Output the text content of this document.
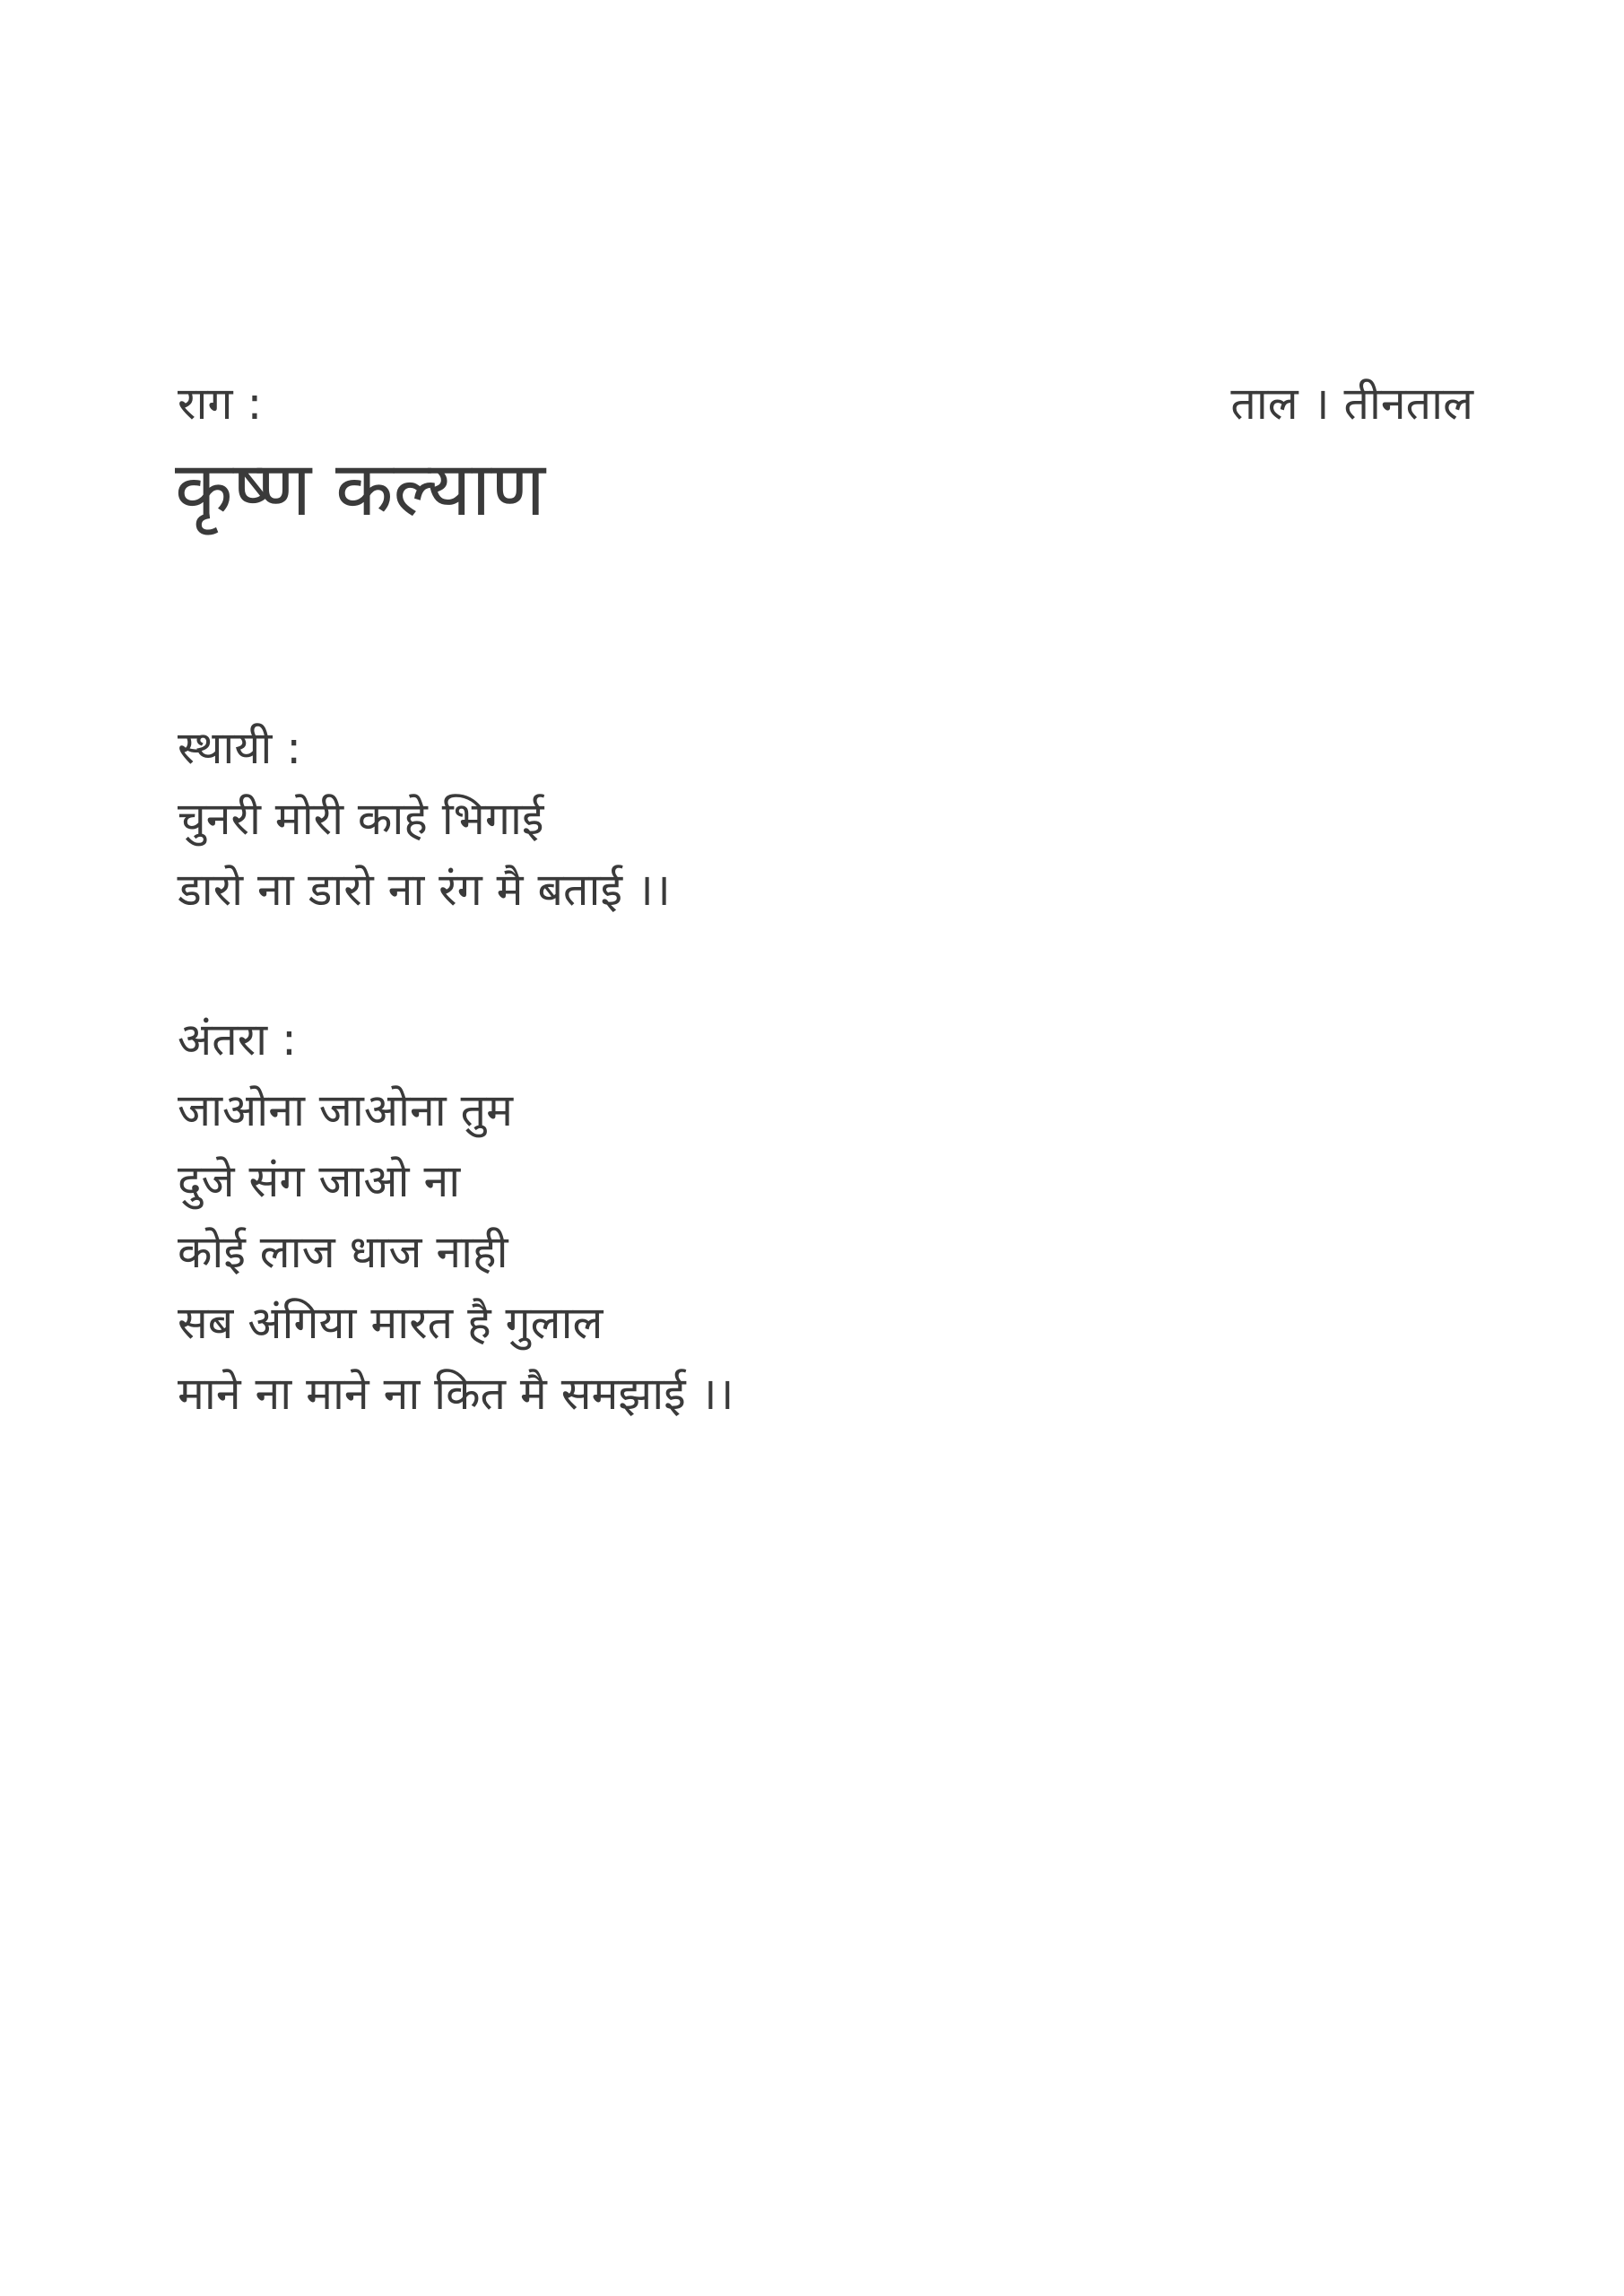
राग :
कृष्ण कल्याण
ताल । तीनताल
स्थायी :
चुनरी मोरी काहे भिगाई
डारो ना डारो ना रंग मै बताई ।।
अंतरा :
जाओना जाओना तुम
दुजे संग जाओ ना
कोई लाज धाज नाही
सब अंगिया मारत है गुलाल
माने ना माने ना कित मै समझाई ।।
